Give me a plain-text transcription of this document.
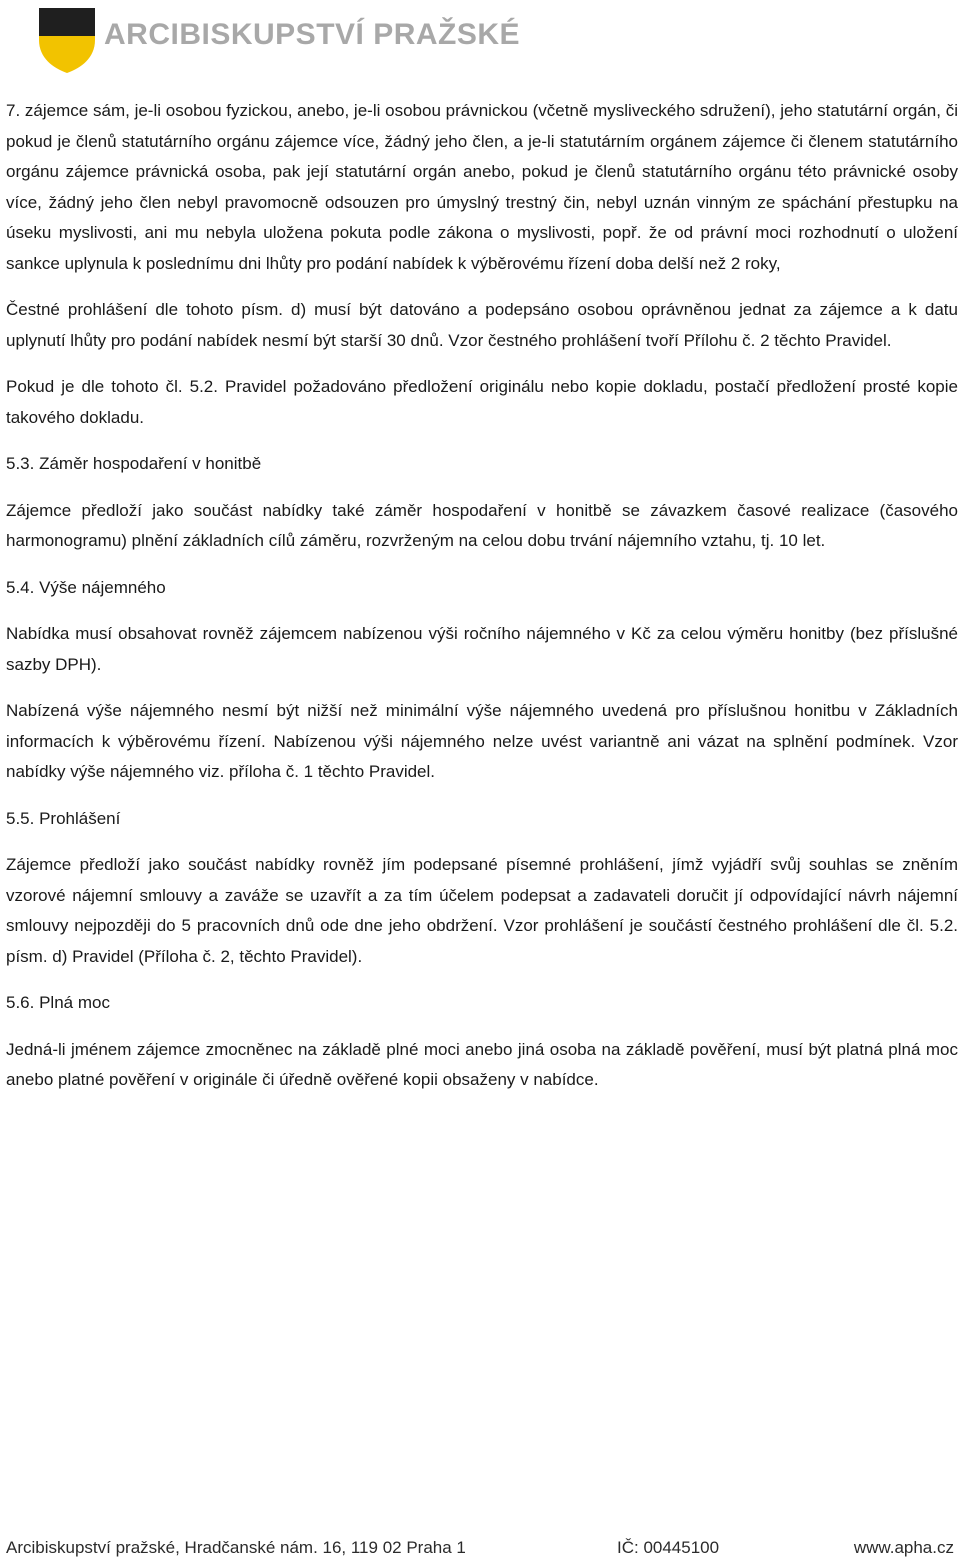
ARCIBISKUPSTVÍ PRAŽSKÉ

7. zájemce sám, je-li osobou fyzickou, anebo, je-li osobou právnickou (včetně mysliveckého sdružení), jeho statutární orgán, či pokud je členů statutárního orgánu zájemce více, žádný jeho člen, a je-li statutárním orgánem zájemce či členem statutárního orgánu zájemce právnická osoba, pak její statutární orgán anebo, pokud je členů statutárního orgánu této právnické osoby více, žádný jeho člen nebyl pravomocně odsouzen pro úmyslný trestný čin, nebyl uznán vinným ze spáchání přestupku na úseku myslivosti, ani mu nebyla uložena pokuta podle zákona o myslivosti, popř. že od právní moci rozhodnutí o uložení sankce uplynula k poslednímu dni lhůty pro podání nabídek k výběrovému řízení doba delší než 2 roky,

Čestné prohlášení dle tohoto písm. d) musí být datováno a podepsáno osobou oprávněnou jednat za zájemce a k datu uplynutí lhůty pro podání nabídek nesmí být starší 30 dnů. Vzor čestného prohlášení tvoří Přílohu č. 2 těchto Pravidel.

Pokud je dle tohoto čl. 5.2. Pravidel požadováno předložení originálu nebo kopie dokladu, postačí předložení prosté kopie takového dokladu.

5.3. Záměr hospodaření v honitbě

Zájemce předloží jako součást nabídky také záměr hospodaření v honitbě se závazkem časové realizace (časového harmonogramu) plnění základních cílů záměru, rozvrženým na celou dobu trvání nájemního vztahu, tj. 10 let.

5.4. Výše nájemného

Nabídka musí obsahovat rovněž zájemcem nabízenou výši ročního nájemného v Kč za celou výměru honitby (bez příslušné sazby DPH).

Nabízená výše nájemného nesmí být nižší než minimální výše nájemného uvedená pro příslušnou honitbu v Základních informacích k výběrovému řízení. Nabízenou výši nájemného nelze uvést variantně ani vázat na splnění podmínek. Vzor nabídky výše nájemného viz. příloha č. 1 těchto Pravidel.

5.5. Prohlášení

Zájemce předloží jako součást nabídky rovněž jím podepsané písemné prohlášení, jímž vyjádří svůj souhlas se zněním vzorové nájemní smlouvy a zaváže se uzavřít a za tím účelem podepsat a zadavateli doručit jí odpovídající návrh nájemní smlouvy nejpozději do 5 pracovních dnů ode dne jeho obdržení. Vzor prohlášení je součástí čestného prohlášení dle čl. 5.2. písm. d) Pravidel (Příloha č. 2, těchto Pravidel).

5.6. Plná moc

Jedná-li jménem zájemce zmocněnec na základě plné moci anebo jiná osoba na základě pověření, musí být platná plná moc anebo platné pověření v originále či úředně ověřené kopii obsaženy v nabídce.

Arcibiskupství pražské, Hradčanské nám. 16, 119 02 Praha 1	IČ: 00445100	www.apha.cz
